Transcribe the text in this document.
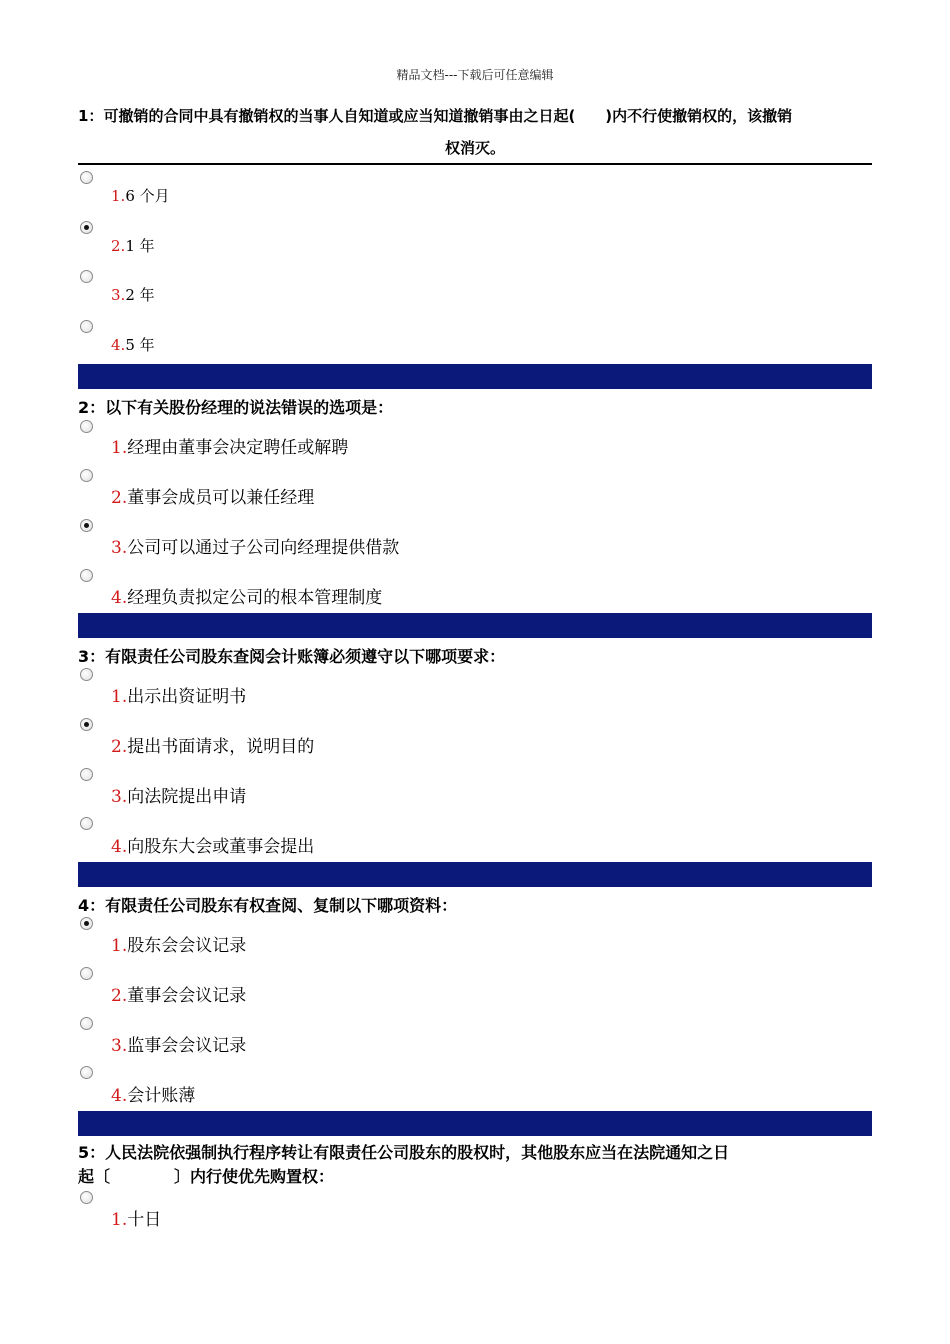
精品文档---下载后可任意编辑
1：可撤销的合同中具有撤销权的当事人自知道或应当知道撤销事由之日起(　　)内不行使撤销权的，该撤销
权消灭。
1.6 个月
2.1 年
3.2 年
4.5 年
2：以下有关股份经理的说法错误的选项是：
1.经理由董事会决定聘任或解聘
2.董事会成员可以兼任经理
3.公司可以通过子公司向经理提供借款
4.经理负责拟定公司的根本管理制度
3：有限责任公司股东查阅会计账簿必须遵守以下哪项要求：
1.出示出资证明书
2.提出书面请求，说明目的
3.向法院提出申请
4.向股东大会或董事会提出
4：有限责任公司股东有权查阅、复制以下哪项资料：
1.股东会会议记录
2.董事会会议记录
3.监事会会议记录
4.会计账薄
5：人民法院依强制执行程序转让有限责任公司股东的股权时，其他股东应当在法院通知之日
起〔　　　　〕内行使优先购置权：
1.十日
